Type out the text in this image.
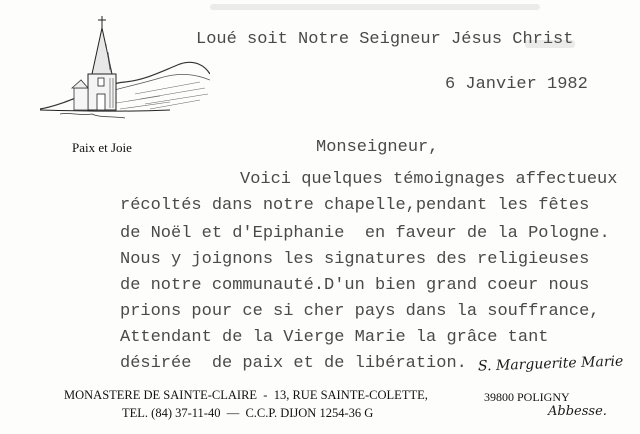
Paix et Joie
Loué soit Notre Seigneur Jésus Christ
6 Janvier 1982
Monseigneur,
Voici quelques témoignages affectueux
récoltés dans notre chapelle,pendant les fêtes
de Noël et d'Epiphanie  en faveur de la Pologne.
Nous y joignons les signatures des religieuses
de notre communauté.D'un bien grand coeur nous
prions pour ce si cher pays dans la souffrance,
Attendant de la Vierge Marie la grâce tant
désirée  de paix et de libération. S. Marguerite Marie
Abbesse.
MONASTERE DE SAINTE-CLAIRE  -  13, RUE SAINTE-COLETTE,	39800 POLIGNY
TEL. (84) 37-11-40  —  C.C.P. DIJON 1254-36 G
